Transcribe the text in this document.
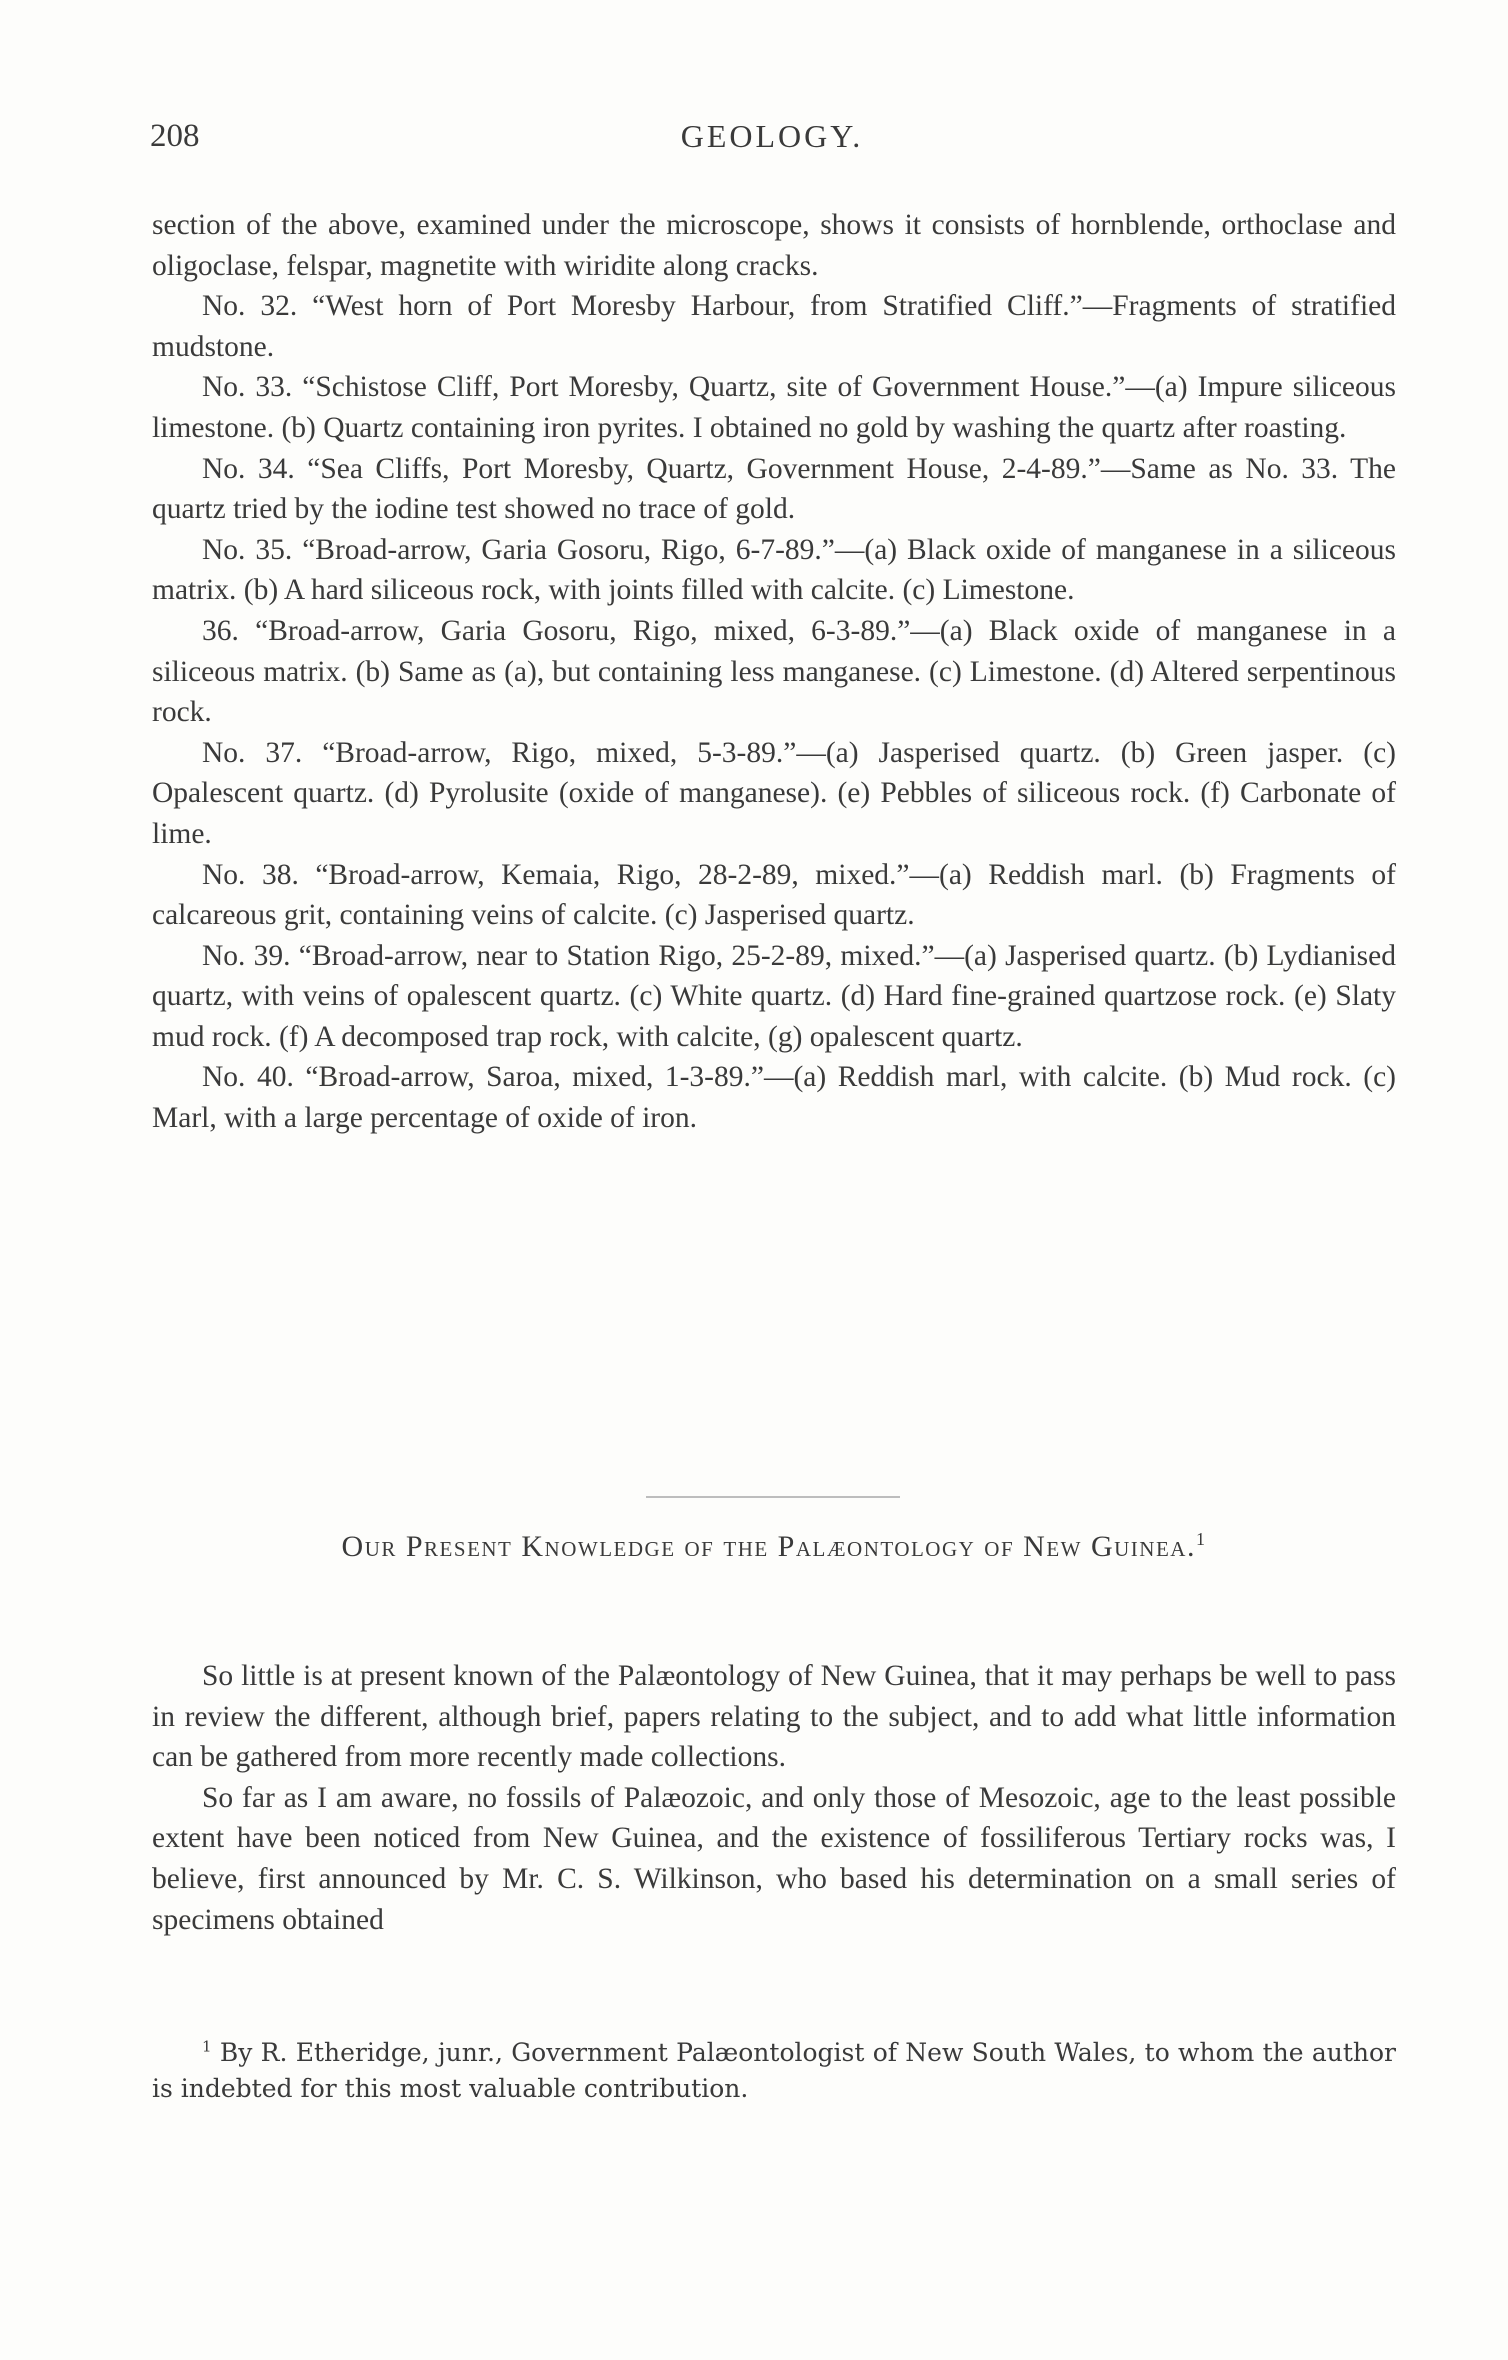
208	GEOLOGY.

section of the above, examined under the microscope, shows it consists of hornblende, orthoclase and oligoclase, felspar, magnetite with wiridite along cracks.

No. 32. “West horn of Port Moresby Harbour, from Stratified Cliff.”—Fragments of stratified mudstone.

No. 33. “Schistose Cliff, Port Moresby, Quartz, site of Government House.”—(a) Impure siliceous limestone. (b) Quartz containing iron pyrites. I obtained no gold by washing the quartz after roasting.

No. 34. “Sea Cliffs, Port Moresby, Quartz, Government House, 2-4-89.”—Same as No. 33. The quartz tried by the iodine test showed no trace of gold.

No. 35. “Broad-arrow, Garia Gosoru, Rigo, 6-7-89.”—(a) Black oxide of manganese in a siliceous matrix. (b) A hard siliceous rock, with joints filled with calcite. (c) Limestone.

36. “Broad-arrow, Garia Gosoru, Rigo, mixed, 6-3-89.”—(a) Black oxide of manganese in a siliceous matrix. (b) Same as (a), but containing less manganese. (c) Limestone. (d) Altered serpentinous rock.

No. 37. “Broad-arrow, Rigo, mixed, 5-3-89.”—(a) Jasperised quartz. (b) Green jasper. (c) Opalescent quartz. (d) Pyrolusite (oxide of manganese). (e) Pebbles of siliceous rock. (f) Carbonate of lime.

No. 38. “Broad-arrow, Kemaia, Rigo, 28-2-89, mixed.”—(a) Reddish marl. (b) Fragments of calcareous grit, containing veins of calcite. (c) Jasperised quartz.

No. 39. “Broad-arrow, near to Station Rigo, 25-2-89, mixed.”—(a) Jasperised quartz. (b) Lydianised quartz, with veins of opalescent quartz. (c) White quartz. (d) Hard fine-grained quartzose rock. (e) Slaty mud rock. (f) A decomposed trap rock, with calcite, (g) opalescent quartz.

No. 40. “Broad-arrow, Saroa, mixed, 1-3-89.”—(a) Reddish marl, with calcite. (b) Mud rock. (c) Marl, with a large percentage of oxide of iron.

Our Present Knowledge of the Palæontology of New Guinea.$^1$

So little is at present known of the Palæontology of New Guinea, that it may perhaps be well to pass in review the different, although brief, papers relating to the subject, and to add what little information can be gathered from more recently made collections.

So far as I am aware, no fossils of Palæozoic, and only those of Mesozoic, age to the least possible extent have been noticed from New Guinea, and the existence of fossiliferous Tertiary rocks was, I believe, first announced by Mr. C. S. Wilkinson, who based his determination on a small series of specimens obtained

$^1$ By R. Etheridge, junr., Government Palæontologist of New South Wales, to whom the author is indebted for this most valuable contribution.
